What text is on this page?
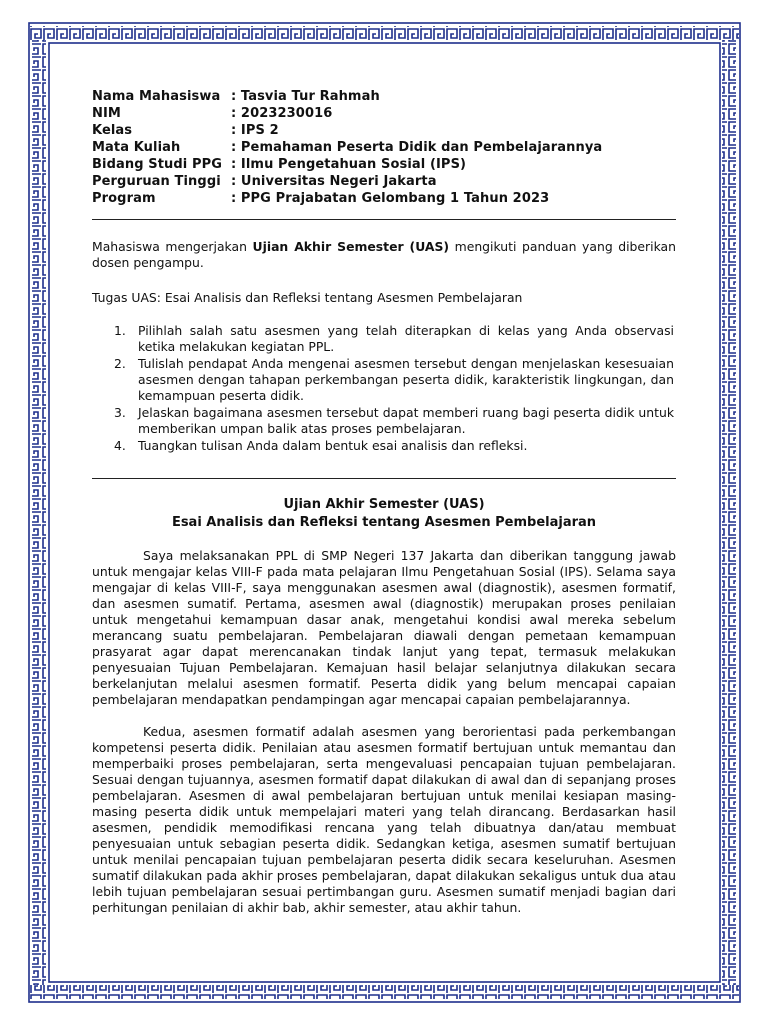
Nama Mahasiswa : Tasvia Tur Rahmah
NIM	: 2023230016
Kelas	: IPS 2
Mata Kuliah	: Pemahaman Peserta Didik dan Pembelajarannya
Bidang Studi PPG : Ilmu Pengetahuan Sosial (IPS)
Perguruan Tinggi : Universitas Negeri Jakarta
Program	: PPG Prajabatan Gelombang 1 Tahun 2023

Mahasiswa mengerjakan Ujian Akhir Semester (UAS) mengikuti panduan yang diberikan dosen pengampu.

Tugas UAS: Esai Analisis dan Refleksi tentang Asesmen Pembelajaran

1. Pilihlah salah satu asesmen yang telah diterapkan di kelas yang Anda observasi ketika melakukan kegiatan PPL.
2. Tulislah pendapat Anda mengenai asesmen tersebut dengan menjelaskan kesesuaian asesmen dengan tahapan perkembangan peserta didik, karakteristik lingkungan, dan kemampuan peserta didik.
3. Jelaskan bagaimana asesmen tersebut dapat memberi ruang bagi peserta didik untuk memberikan umpan balik atas proses pembelajaran.
4. Tuangkan tulisan Anda dalam bentuk esai analisis dan refleksi.
Ujian Akhir Semester (UAS)
Esai Analisis dan Refleksi tentang Asesmen Pembelajaran

Saya melaksanakan PPL di SMP Negeri 137 Jakarta dan diberikan tanggung jawab untuk mengajar kelas VIII-F pada mata pelajaran Ilmu Pengetahuan Sosial (IPS). Selama saya mengajar di kelas VIII-F, saya menggunakan asesmen awal (diagnostik), asesmen formatif, dan asesmen sumatif. Pertama, asesmen awal (diagnostik) merupakan proses penilaian untuk mengetahui kemampuan dasar anak, mengetahui kondisi awal mereka sebelum merancang suatu pembelajaran. Pembelajaran diawali dengan pemetaan kemampuan prasyarat agar dapat merencanakan tindak lanjut yang tepat, termasuk melakukan penyesuaian Tujuan Pembelajaran. Kemajuan hasil belajar selanjutnya dilakukan secara berkelanjutan melalui asesmen formatif. Peserta didik yang belum mencapai capaian pembelajaran mendapatkan pendampingan agar mencapai capaian pembelajarannya.

Kedua, asesmen formatif adalah asesmen yang berorientasi pada perkembangan kompetensi peserta didik. Penilaian atau asesmen formatif bertujuan untuk memantau dan memperbaiki proses pembelajaran, serta mengevaluasi pencapaian tujuan pembelajaran. Sesuai dengan tujuannya, asesmen formatif dapat dilakukan di awal dan di sepanjang proses pembelajaran. Asesmen di awal pembelajaran bertujuan untuk menilai kesiapan masing-masing peserta didik untuk mempelajari materi yang telah dirancang. Berdasarkan hasil asesmen, pendidik memodifikasi rencana yang telah dibuatnya dan/atau membuat penyesuaian untuk sebagian peserta didik. Sedangkan ketiga, asesmen sumatif bertujuan untuk menilai pencapaian tujuan pembelajaran peserta didik secara keseluruhan. Asesmen sumatif dilakukan pada akhir proses pembelajaran, dapat dilakukan sekaligus untuk dua atau lebih tujuan pembelajaran sesuai pertimbangan guru. Asesmen sumatif menjadi bagian dari perhitungan penilaian di akhir bab, akhir semester, atau akhir tahun.
